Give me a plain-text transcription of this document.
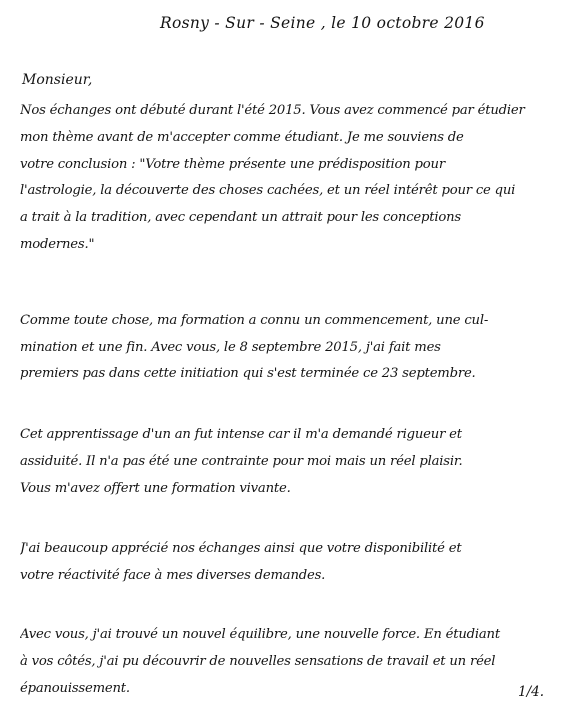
Rosny - Sur - Seine , le 10 octobre 2016
Monsieur,
Nos échanges ont débuté durant l'été 2015. Vous avez commencé par étudier
mon thème avant de m'accepter comme étudiant. Je me souviens de
votre conclusion : "Votre thème présente une prédisposition pour
l'astrologie, la découverte des choses cachées, et un réel intérêt pour ce qui
a trait à la tradition, avec cependant un attrait pour les conceptions
modernes."
Comme toute chose, ma formation a connu un commencement, une cul-
mination et une fin. Avec vous, le 8 septembre 2015, j'ai fait mes
premiers pas dans cette initiation qui s'est terminée ce 23 septembre.
Cet apprentissage d'un an fut intense car il m'a demandé rigueur et
assiduité. Il n'a pas été une contrainte pour moi mais un réel plaisir.
Vous m'avez offert une formation vivante.
J'ai beaucoup apprécié nos échanges ainsi que votre disponibilité et
votre réactivité face à mes diverses demandes.
Avec vous, j'ai trouvé un nouvel équilibre, une nouvelle force. En étudiant
à vos côtés, j'ai pu découvrir de nouvelles sensations de travail et un réel
épanouissement.	1/4.
